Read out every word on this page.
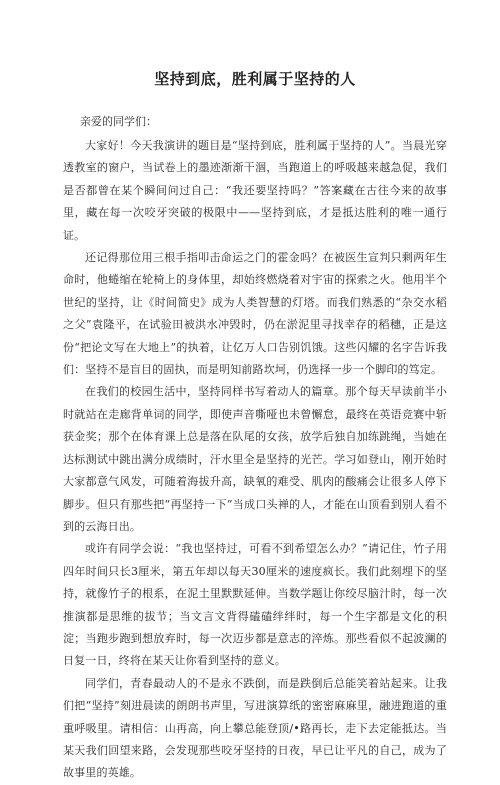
坚持到底，胜利属于坚持的人

亲爱的同学们：

大家好！今天我演讲的题目是“坚持到底，胜利属于坚持的人”。当晨光穿透教室的窗户，当试卷上的墨迹渐渐干涸，当跑道上的呼吸越来越急促，我们是否都曾在某个瞬间问过自己：“我还要坚持吗？”答案藏在古往今来的故事里，藏在每一次咬牙突破的极限中——坚持到底，才是抵达胜利的唯一通行证。

还记得那位用三根手指叩击命运之门的霍金吗？在被医生宣判只剩两年生命时，他蜷缩在轮椅上的身体里，却始终燃烧着对宇宙的探索之火。他用半个世纪的坚持，让《时间简史》成为人类智慧的灯塔。而我们熟悉的“杂交水稻之父”袁隆平，在试验田被洪水冲毁时，仍在淤泥里寻找幸存的稻穗，正是这份“把论文写在大地上”的执着，让亿万人口告别饥饿。这些闪耀的名字告诉我们：坚持不是盲目的固执，而是明知前路坎坷，仍选择一步一个脚印的笃定。

在我们的校园生活中，坚持同样书写着动人的篇章。那个每天早读前半小时就站在走廊背单词的同学，即使声音嘶哑也未曾懈怠，最终在英语竞赛中斩获金奖；那个在体育课上总是落在队尾的女孩，放学后独自加练跳绳，当她在达标测试中跳出满分成绩时，汗水里全是坚持的光芒。学习如登山，刚开始时大家都意气风发，可随着海拔升高，缺氧的难受、肌肉的酸痛会让很多人停下脚步。但只有那些把“再坚持一下”当成口头禅的人，才能在山顶看到别人看不到的云海日出。

或许有同学会说：“我也坚持过，可看不到希望怎么办？”请记住，竹子用四年时间只长3厘米，第五年却以每天30厘米的速度疯长。我们此刻埋下的坚持，就像竹子的根系，在泥土里默默延伸。当数学题让你绞尽脑汁时，每一次推演都是思维的拔节；当文言文背得磕磕绊绊时，每一个生字都是文化的积淀；当跑步跑到想放弃时，每一次迈步都是意志的淬炼。那些看似不起波澜的日复一日，终将在某天让你看到坚持的意义。

同学们，青春最动人的不是永不跌倒，而是跌倒后总能笑着站起来。让我们把“坚持”刻进晨读的朗朗书声里，写进演算纸的密密麻麻里，融进跑道的重重呼吸里。请相信：山再高，向上攀总能登顶/•路再长，走下去定能抵达。当某天我们回望来路，会发现那些咬牙坚持的日夜，早已让平凡的自己，成为了故事里的英雄。
